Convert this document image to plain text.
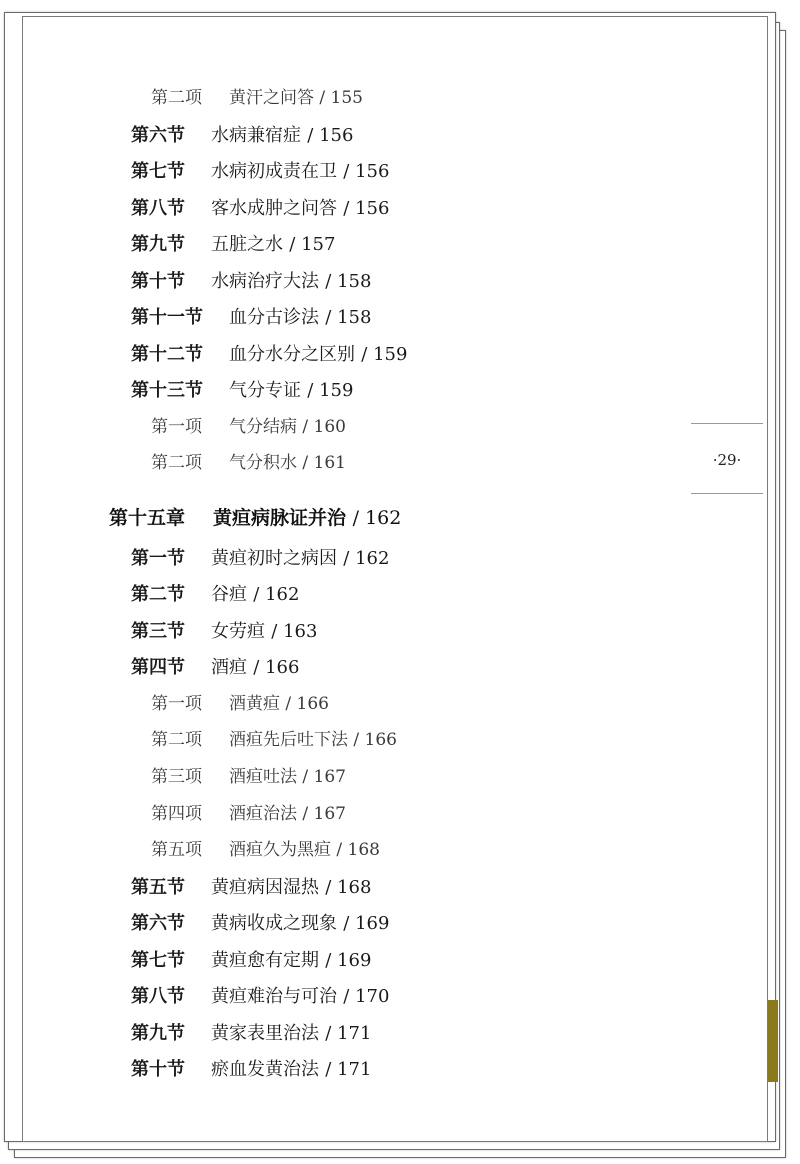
第二项 黄汗之问答 / 155
第六节 水病兼宿症 / 156
第七节 水病初成责在卫 / 156
第八节 客水成肿之问答 / 156
第九节 五脏之水 / 157
第十节 水病治疗大法 / 158
第十一节 血分古诊法 / 158
第十二节 血分水分之区别 / 159
第十三节 气分专证 / 159
第一项 气分结病 / 160
第二项 气分积水 / 161
第十五章 黄疸病脉证并治 / 162
第一节 黄疸初时之病因 / 162
第二节 谷疸 / 162
第三节 女劳疸 / 163
第四节 酒疸 / 166
第一项 酒黄疸 / 166
第二项 酒疸先后吐下法 / 166
第三项 酒疸吐法 / 167
第四项 酒疸治法 / 167
第五项 酒疸久为黑疸 / 168
第五节 黄疸病因湿热 / 168
第六节 黄病收成之现象 / 169
第七节 黄疸愈有定期 / 169
第八节 黄疸难治与可治 / 170
第九节 黄家表里治法 / 171
第十节 瘀血发黄治法 / 171
·29·
